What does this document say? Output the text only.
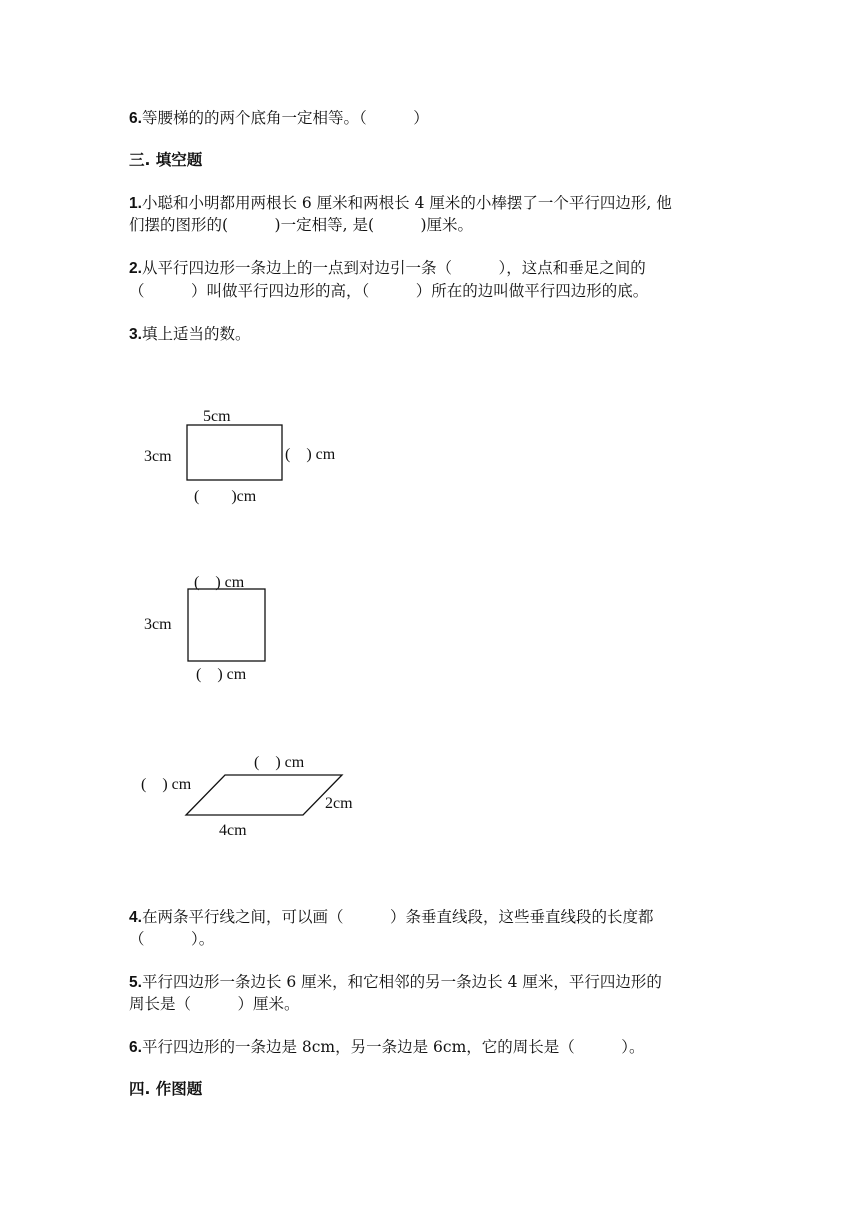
6.等腰梯的的两个底角一定相等。（　　　）
三. 填空题
1.小聪和小明都用两根长 6 厘米和两根长 4 厘米的小棒摆了一个平行四边形, 他
们摆的图形的(　　　)一定相等, 是(　　　)厘米。
2.从平行四边形一条边上的一点到对边引一条（　　　），这点和垂足之间的
（　　　）叫做平行四边形的高，（　　　）所在的边叫做平行四边形的底。
3.填上适当的数。
5cm
3cm	(　) cm
(　　)cm
(　) cm
3cm
(　) cm
(　) cm
(　) cm
2cm
4cm
4.在两条平行线之间，可以画（　　　）条垂直线段，这些垂直线段的长度都
（　　　）。
5.平行四边形一条边长 6 厘米，和它相邻的另一条边长 4 厘米，平行四边形的
周长是（　　　）厘米。
6.平行四边形的一条边是 8cm，另一条边是 6cm，它的周长是（　　　）。
四. 作图题
